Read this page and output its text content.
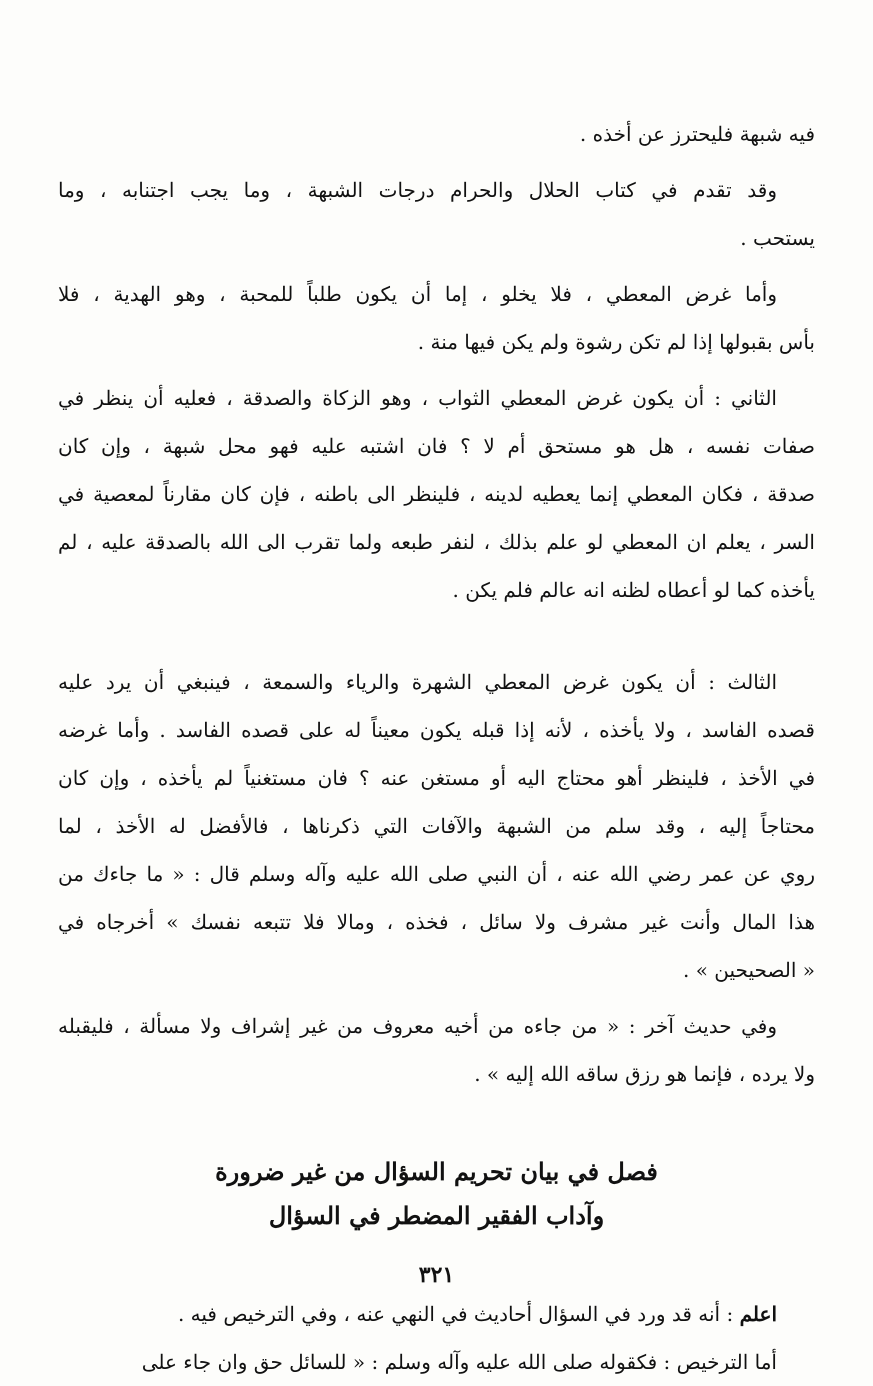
فيه شبهة فليحترز عن أخذه .
وقد تقدم في كتاب الحلال والحرام درجات الشبهة ، وما يجب اجتنابه ، وما
يستحب .
وأما غرض المعطي ، فلا يخلو ، إما أن يكون طلباً للمحبة ، وهو الهدية ، فلا
بأس بقبولها إذا لم تكن رشوة ولم يكن فيها منة .
الثاني : أن يكون غرض المعطي الثواب ، وهو الزكاة والصدقة ، فعليه أن ينظر في
صفات نفسه ، هل هو مستحق أم لا ؟ فان اشتبه عليه فهو محل شبهة ، وإن كان
صدقة ، فكان المعطي إنما يعطيه لدينه ، فلينظر الى باطنه ، فإن كان مقارناً لمعصية في
السر ، يعلم ان المعطي لو علم بذلك ، لنفر طبعه ولما تقرب الى الله بالصدقة عليه ، لم
يأخذه كما لو أعطاه لظنه انه عالم فلم يكن .
الثالث : أن يكون غرض المعطي الشهرة والرياء والسمعة ، فينبغي أن يرد عليه
قصده الفاسد ، ولا يأخذه ، لأنه إذا قبله يكون معيناً له على قصده الفاسد . وأما غرضه
في الأخذ ، فلينظر أهو محتاج اليه أو مستغن عنه ؟ فان مستغنياً لم يأخذه ، وإن كان
محتاجاً إليه ، وقد سلم من الشبهة والآفات التي ذكرناها ، فالأفضل له الأخذ ، لما
روي عن عمر رضي الله عنه ، أن النبي صلى الله عليه وآله وسلم قال : « ما جاءك من
هذا المال وأنت غير مشرف ولا سائل ، فخذه ، ومالا فلا تتبعه نفسك » أخرجاه في
« الصحيحين » .
وفي حديث آخر : « من جاءه من أخيه معروف من غير إشراف ولا مسألة ، فليقبله
ولا يرده ، فإنما هو رزق ساقه الله إليه » .
فصل في بيان تحريم السؤال من غير ضرورة
وآداب الفقير المضطر في السؤال
اعلم : أنه قد ورد في السؤال أحاديث في النهي عنه ، وفي الترخيص فيه .
أما الترخيص : فكقوله صلى الله عليه وآله وسلم : « للسائل حق وان جاء على
٣٢١
